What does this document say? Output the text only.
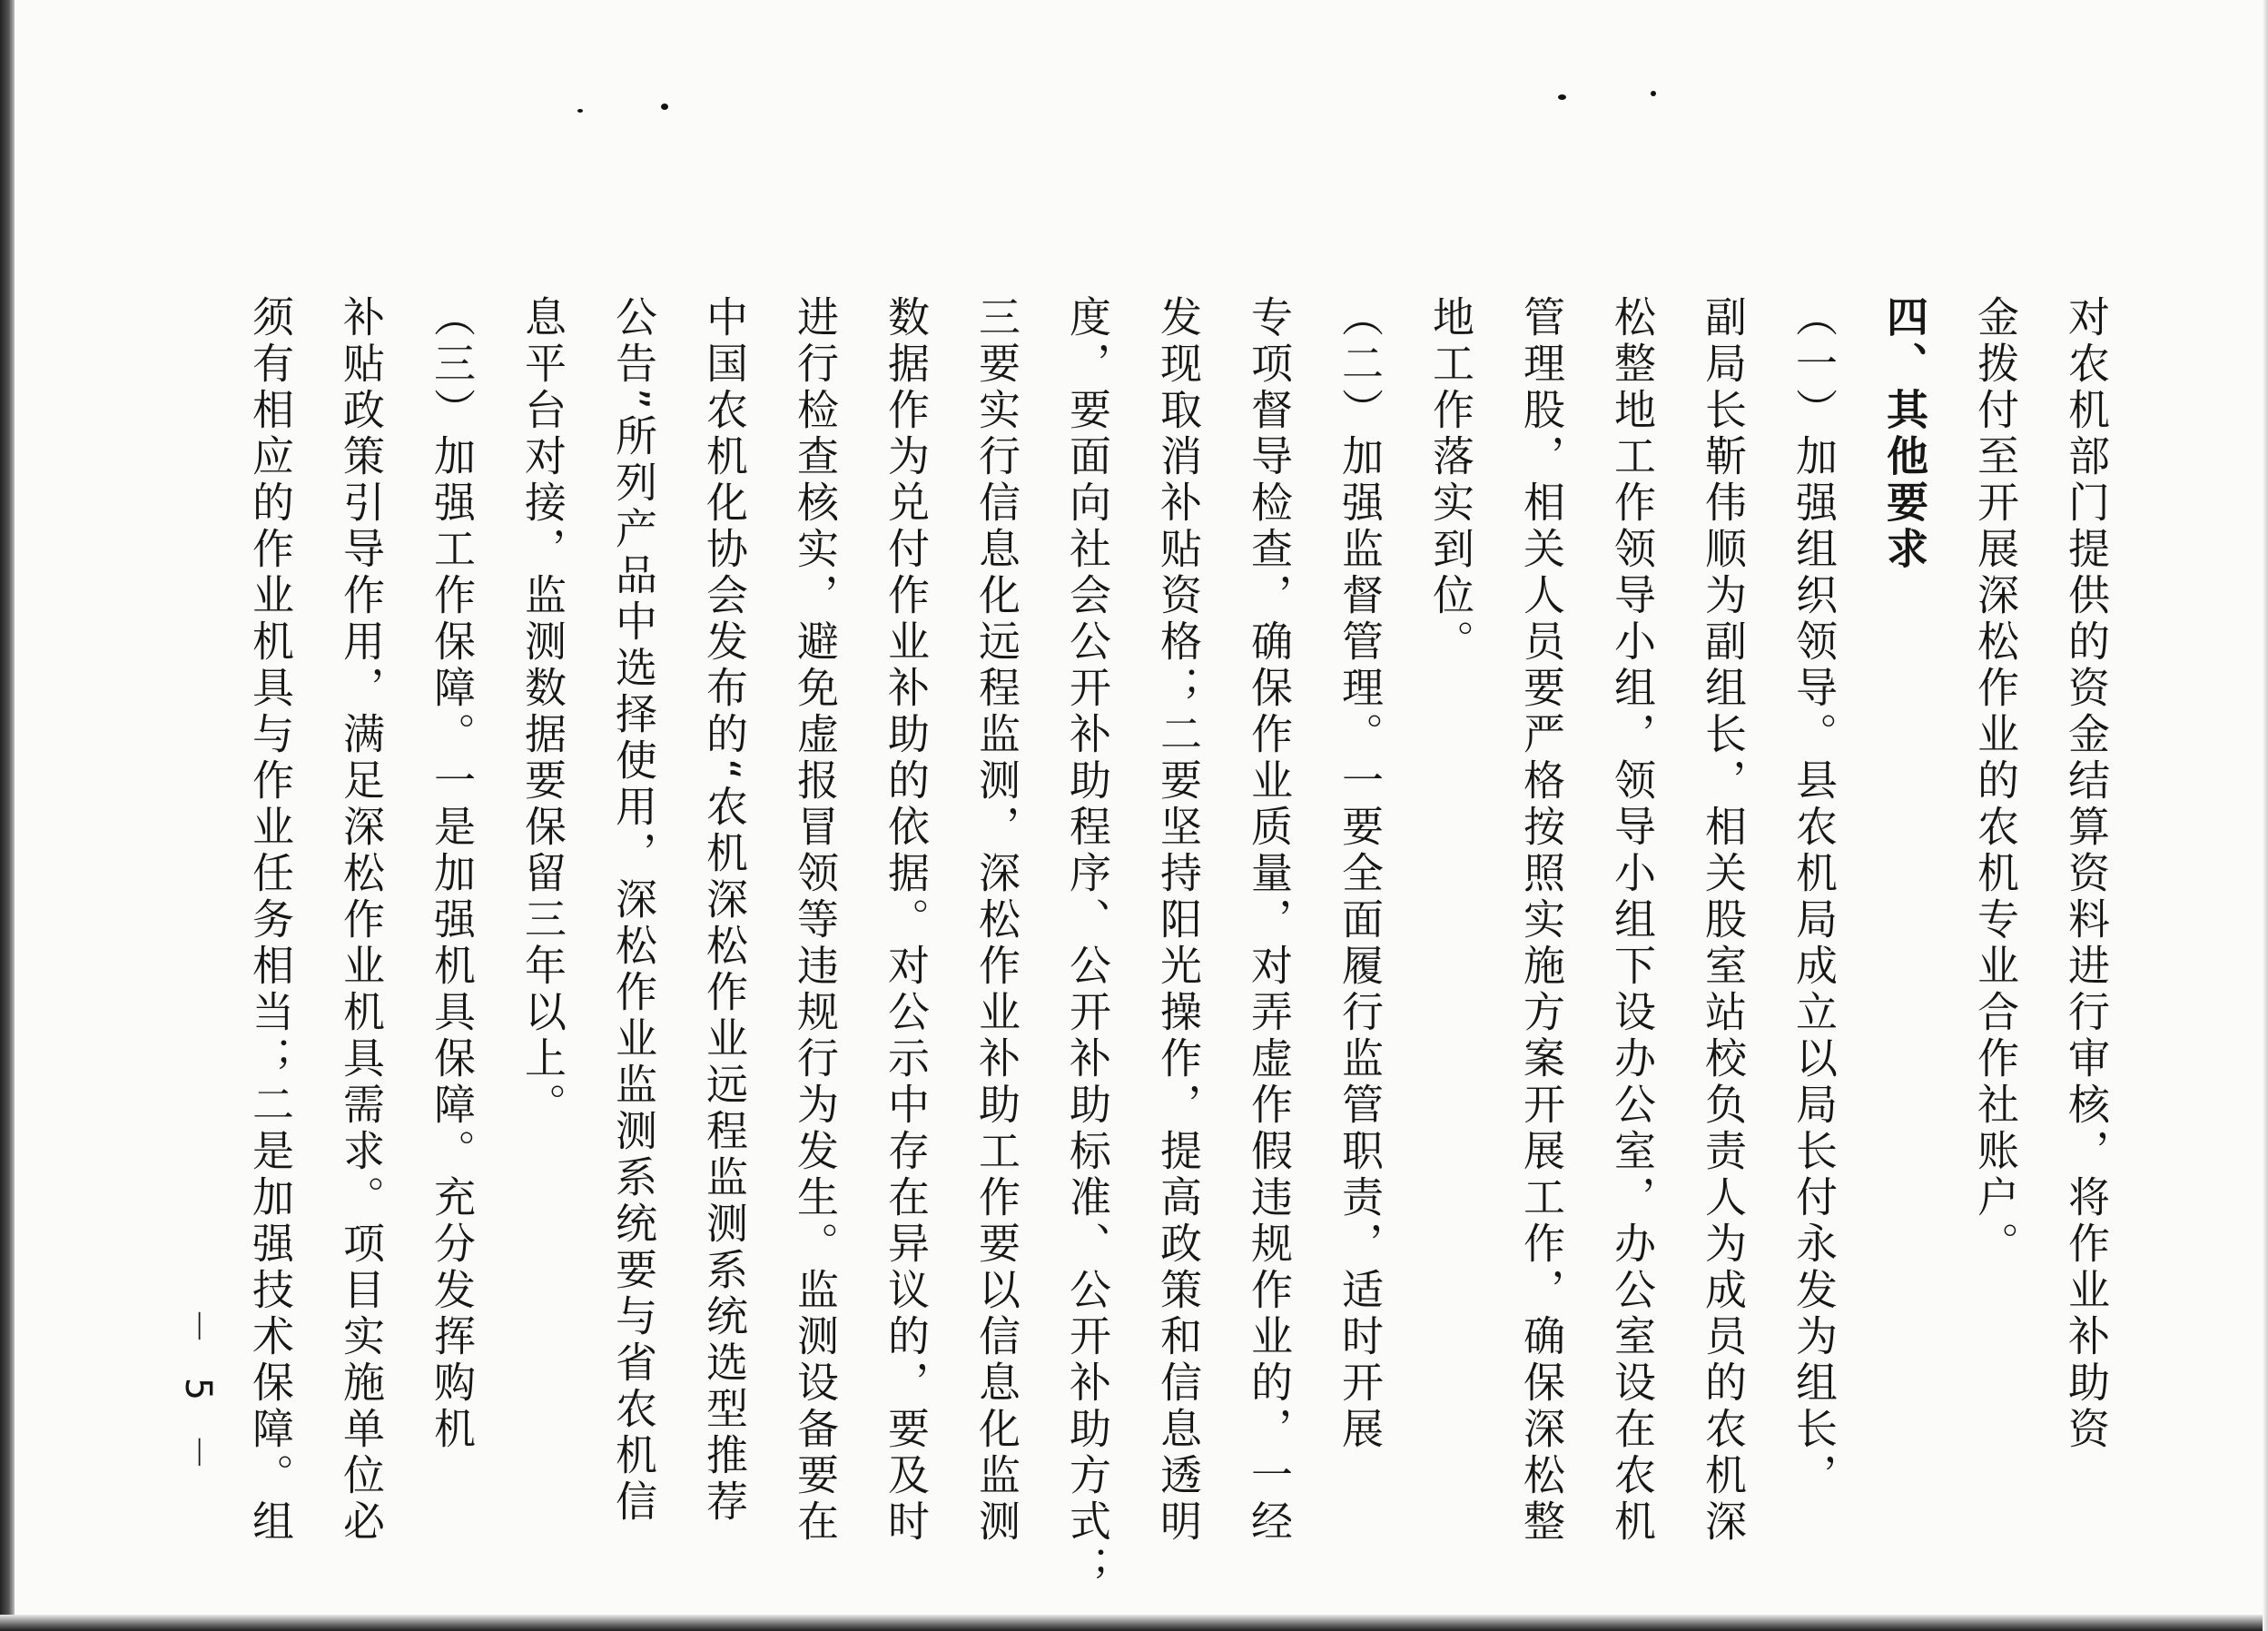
对农机部门提供的资金结算资料进行审核，将作业补助资
金拨付至开展深松作业的农机专业合作社账户。
四、其他要求
（一）加强组织领导。县农机局成立以局长付永发为组长，
副局长靳伟顺为副组长，相关股室站校负责人为成员的农机深
松整地工作领导小组，领导小组下设办公室，办公室设在农机
管理股，相关人员要严格按照实施方案开展工作，确保深松整
地工作落实到位。
（二）加强监督管理。一要全面履行监管职责，适时开展
专项督导检查，确保作业质量，对弄虚作假违规作业的，一经
发现取消补贴资格；二要坚持阳光操作，提高政策和信息透明
度，要面向社会公开补助程序、公开补助标准、公开补助方式；
三要实行信息化远程监测，深松作业补助工作要以信息化监测
数据作为兑付作业补助的依据。对公示中存在异议的，要及时
进行检查核实，避免虚报冒领等违规行为发生。监测设备要在
中国农机化协会发布的“农机深松作业远程监测系统选型推荐
公告”所列产品中选择使用，深松作业监测系统要与省农机信
息平台对接，监测数据要保留三年以上。
（三）加强工作保障。一是加强机具保障。充分发挥购机
补贴政策引导作用，满足深松作业机具需求。项目实施单位必
须有相应的作业机具与作业任务相当；二是加强技术保障。组
－ 5 －
